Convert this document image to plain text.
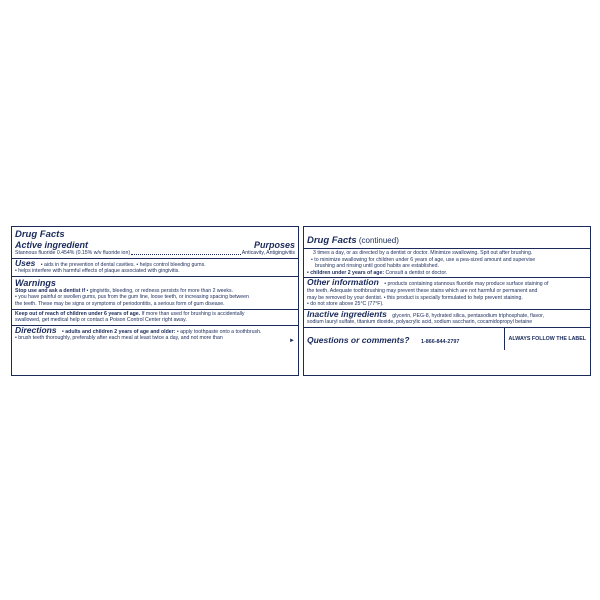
Drug Facts
Active ingredient	Purposes
Stannous fluoride 0.454% (0.15% w/v fluoride ion)	Anticavity, Antigingivitis
Uses • aids in the prevention of dental cavities. • helps control bleeding gums.
• helps interfere with harmful effects of plaque associated with gingivitis.
Warnings
Stop use and ask a dentist if • gingivitis, bleeding, or redness persists for more than 2 weeks.
• you have painful or swollen gums, pus from the gum line, loose teeth, or increasing spacing between
the teeth. These may be signs or symptoms of periodontitis, a serious form of gum disease.
Keep out of reach of children under 6 years of age. If more than used for brushing is accidentally
swallowed, get medical help or contact a Poison Control Center right away.
Directions • adults and children 2 years of age and older: • apply toothpaste onto a toothbrush.
• brush teeth thoroughly, preferably after each meal at least twice a day, and not more than	►
Drug Facts (continued)
3 times a day, or as directed by a dentist or doctor. Minimize swallowing. Spit out after brushing.
• to minimize swallowing for children under 6 years of age, use a pea-sized amount and supervise
brushing and rinsing until good habits are established.
• children under 2 years of age: Consult a dentist or doctor.
Other information • products containing stannous fluoride may produce surface staining of
the teeth. Adequate toothbrushing may prevent these stains which are not harmful or permanent and
may be removed by your dentist. • this product is specially formulated to help prevent staining.
• do not store above 25°C (77°F).
Inactive ingredients glycerin, PEG-8, hydrated silica, pentasodium triphosphate, flavor,
sodium lauryl sulfate, titanium dioxide, polyacrylic acid, sodium saccharin, cocamidopropyl betaine
Questions or comments? 1-866-844-2797	ALWAYS FOLLOW THE LABEL
